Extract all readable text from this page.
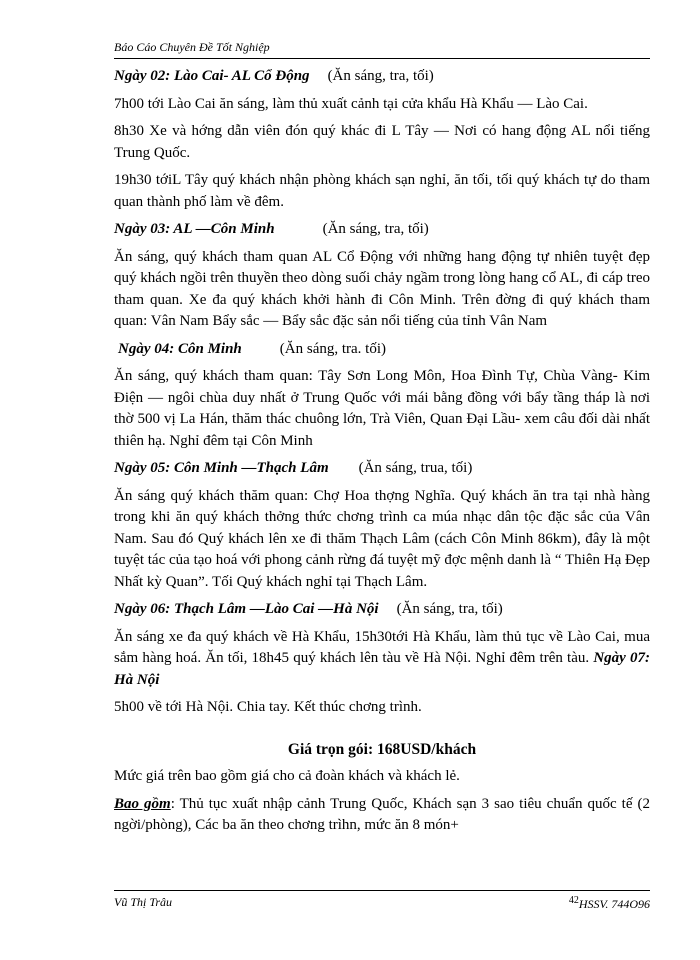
Báo Cáo Chuyên Đề Tốt Nghiệp

Ngày 02: Lào Cai- AL Cổ Động (Ăn sáng, tra, tối)

7h00 tới Lào Cai ăn sáng, làm thủ xuất cảnh tại cửa khẩu Hà Khẩu — Lào Cai.

8h30 Xe và hớng dẫn viên đón quý khác đi L Tây — Nơi có hang động AL nổi tiếng Trung Quốc.

19h30 tớiL Tây quý khách nhận phòng khách sạn nghỉ, ăn tối, tối quý khách tự do tham quan thành phố làm về đêm.

Ngày 03: AL —Côn Minh	(Ăn sáng, tra, tối)

Ăn sáng, quý khách tham quan AL Cổ Động với những hang động tự nhiên tuyệt đẹp quý khách ngồi trên thuyền theo dòng suối chảy ngầm trong lòng hang cổ AL, đi cáp treo tham quan. Xe đa quý khách khởi hành đi Côn Minh. Trên đờng đi quý khách tham quan: Vân Nam Bẩy sắc — Bẩy sắc đặc sản nổi tiếng của tỉnh Vân Nam

Ngày 04: Côn Minh	(Ăn sáng, tra. tối)

Ăn sáng, quý khách tham quan: Tây Sơn Long Môn, Hoa Đình Tự, Chùa Vàng- Kim Điện — ngôi chùa duy nhất ở Trung Quốc với mái bằng đồng với bẩy tầng tháp là nơi thờ 500 vị La Hán, thăm thác chuông lớn, Trà Viên, Quan Đại Lầu- xem câu đối dài nhất thiên hạ. Nghỉ đêm tại Côn Minh

Ngày 05: Côn Minh —Thạch Lâm (Ăn sáng, trua, tối)

Ăn sáng quý khách thăm quan: Chợ Hoa thợng Nghĩa. Quý khách ăn tra tại nhà hàng trong khi ăn quý khách thởng thức chơng trình ca múa nhạc dân tộc đặc sắc của Vân Nam. Sau đó Quý khách lên xe đi thăm Thạch Lâm (cách Côn Minh 86km), đây là một tuyệt tác của tạo hoá với phong cảnh rừng đá tuyệt mỹ đợc mệnh danh là “ Thiên Hạ Đẹp Nhất kỳ Quan”. Tối Quý khách nghỉ tại Thạch Lâm.

Ngày 06: Thạch Lâm —Lào Cai —Hà Nội (Ăn sáng, tra, tối)

Ăn sáng xe đa quý khách về Hà Khẩu, 15h30tới Hà Khẩu, làm thủ tục về Lào Cai, mua sắm hàng hoá. Ăn tối, 18h45 quý khách lên tàu về Hà Nội. Nghỉ đêm trên tàu. Ngày 07: Hà Nội

5h00 về tới Hà Nội. Chia tay. Kết thúc chơng trình.

Giá trọn gói: 168USD/khách

Mức giá trên bao gồm giá cho cả đoàn khách và khách lẻ.

Bao gồm: Thủ tục xuất nhập cảnh Trung Quốc, Khách sạn 3 sao tiêu chuẩn quốc tế (2 ngời/phòng), Các ba ăn theo chơng trìhn, mức ăn 8 món+

Vũ Thị Trâu	$^{42}$HSSV. 744O96
